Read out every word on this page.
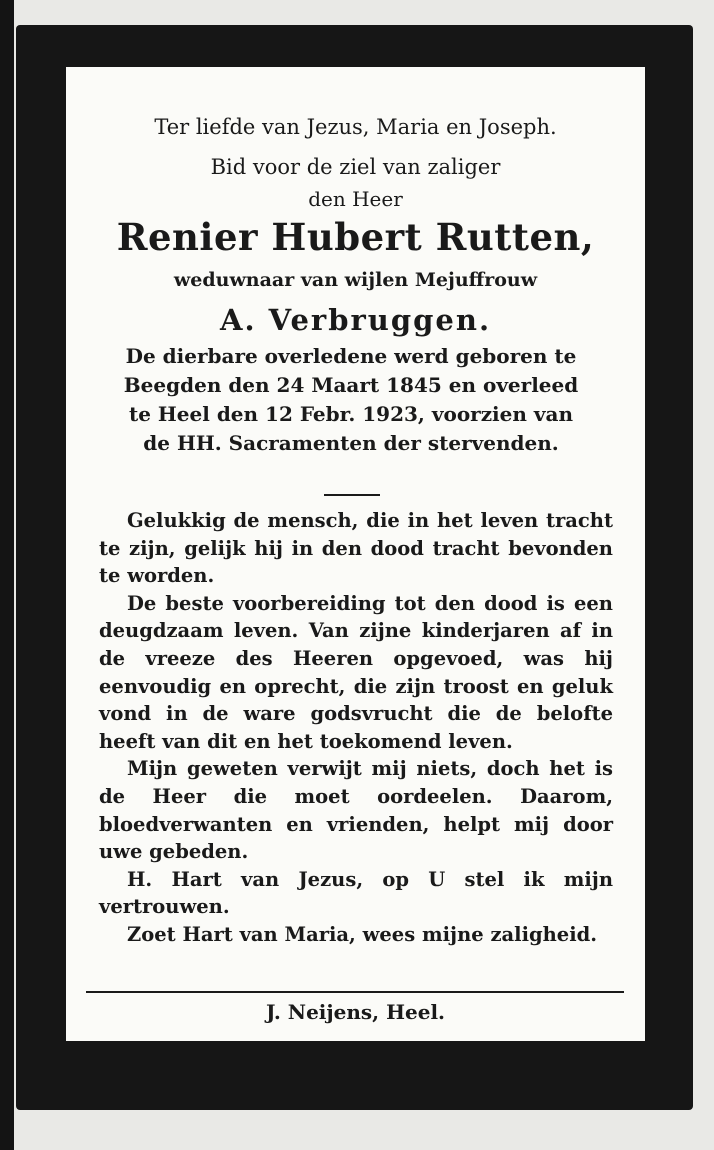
Ter liefde van Jezus, Maria en Joseph.
Bid voor de ziel van zaliger
den Heer
Renier Hubert Rutten,
weduwnaar van wijlen Mejuffrouw
A. Verbruggen.
De dierbare overledene werd geboren te Beegden den 24 Maart 1845 en overleed te Heel den 12 Febr. 1923, voorzien van de HH. Sacramenten der stervenden.

Gelukkig de mensch, die in het leven tracht te zijn, gelijk hij in den dood tracht bevonden te worden.

De beste voorbereiding tot den dood is een deugdzaam leven. Van zijne kinderjaren af in de vreeze des Heeren opgevoed, was hij eenvoudig en oprecht, die zijn troost en geluk vond in de ware godsvrucht die de belofte heeft van dit en het toekomend leven.

Mijn geweten verwijt mij niets, doch het is de Heer die moet oordeelen. Daarom, bloedverwanten en vrienden, helpt mij door uwe gebeden.

H. Hart van Jezus, op U stel ik mijn vertrouwen.

Zoet Hart van Maria, wees mijne zaligheid.

J. Neijens, Heel.
